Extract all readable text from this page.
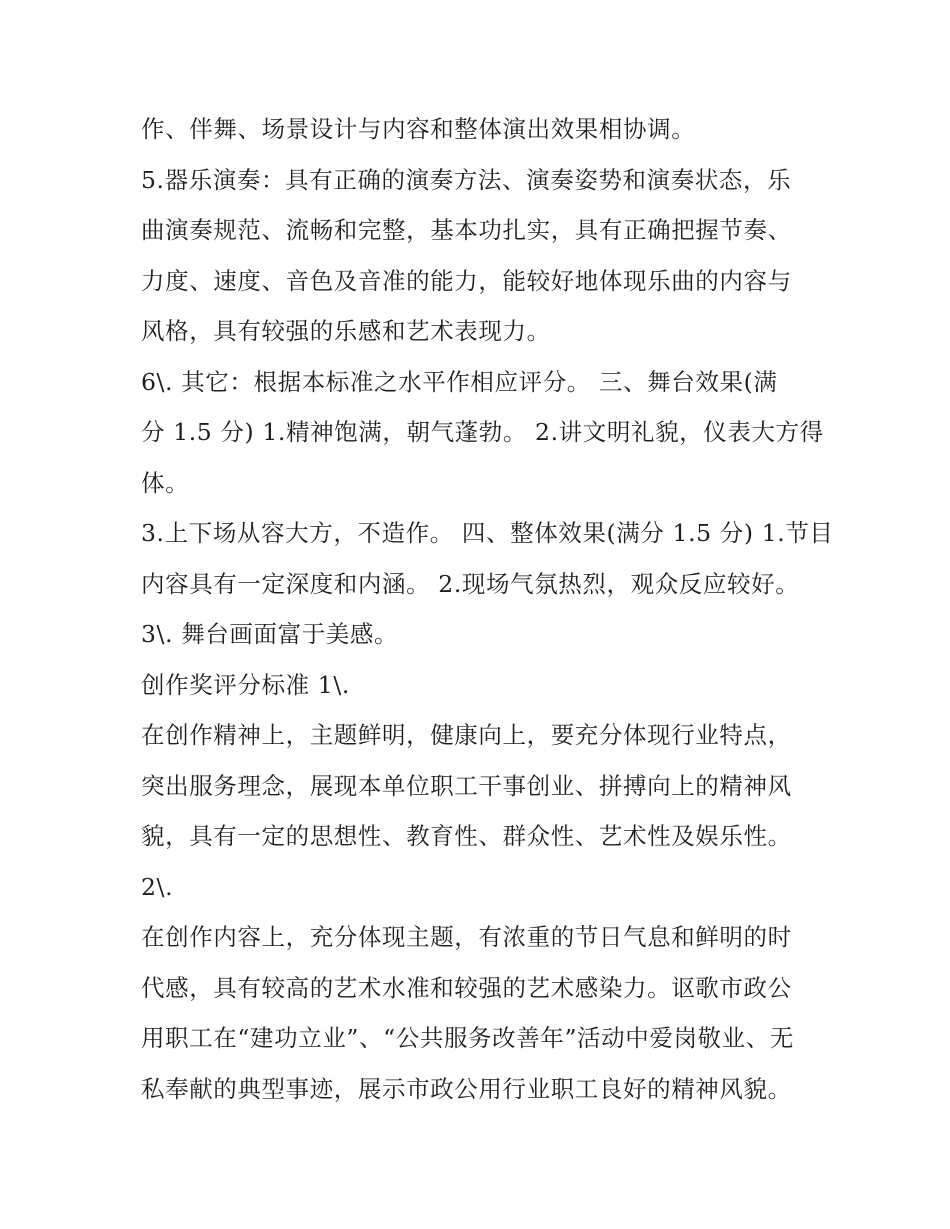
作、伴舞、场景设计与内容和整体演出效果相协调。
5.器乐演奏：具有正确的演奏方法、演奏姿势和演奏状态，乐
曲演奏规范、流畅和完整，基本功扎实，具有正确把握节奏、
力度、速度、音色及音准的能力，能较好地体现乐曲的内容与
风格，具有较强的乐感和艺术表现力。
6\. 其它：根据本标准之水平作相应评分。 三、舞台效果(满
分 1.5 分) 1.精神饱满，朝气蓬勃。 2.讲文明礼貌，仪表大方得
体。
3.上下场从容大方，不造作。 四、整体效果(满分 1.5 分) 1.节目
内容具有一定深度和内涵。 2.现场气氛热烈，观众反应较好。
3\. 舞台画面富于美感。
创作奖评分标准 1\.
在创作精神上，主题鲜明，健康向上，要充分体现行业特点，
突出服务理念，展现本单位职工干事创业、拼搏向上的精神风
貌，具有一定的思想性、教育性、群众性、艺术性及娱乐性。
2\.
在创作内容上，充分体现主题，有浓重的节日气息和鲜明的时
代感，具有较高的艺术水准和较强的艺术感染力。讴歌市政公
用职工在“建功立业”、“公共服务改善年”活动中爱岗敬业、无
私奉献的典型事迹，展示市政公用行业职工良好的精神风貌。
